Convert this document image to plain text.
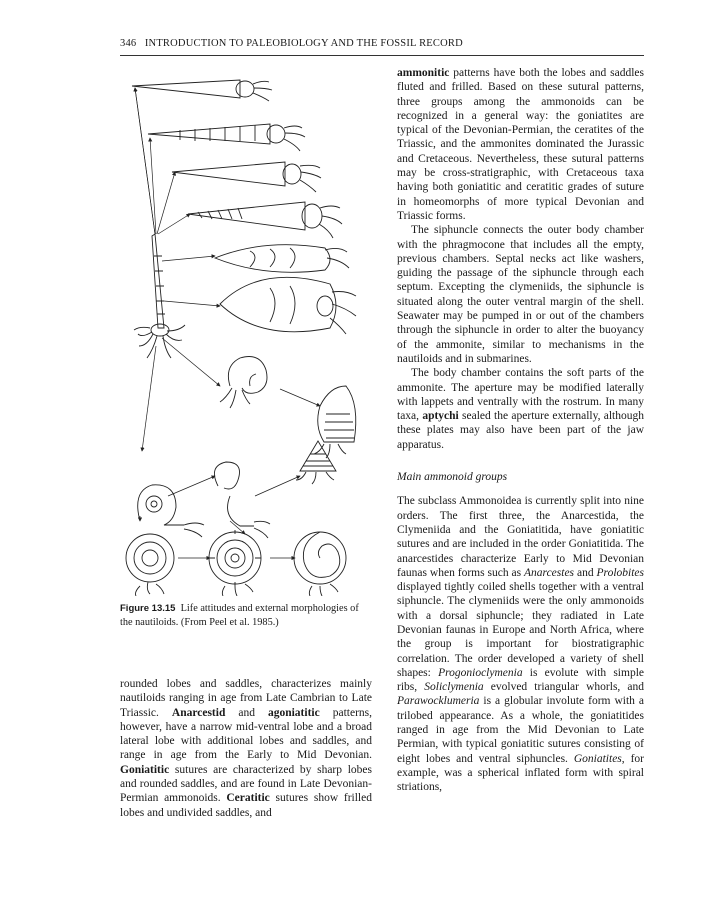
346 INTRODUCTION TO PALEOBIOLOGY AND THE FOSSIL RECORD
Figure 13.15 Life attitudes and external morphologies of the nautiloids. (From Peel et al. 1985.)

rounded lobes and saddles, characterizes mainly nautiloids ranging in age from Late Cambrian to Late Triassic. Anarcestid and agoniatitic patterns, however, have a narrow mid-ventral lobe and a broad lateral lobe with additional lobes and saddles, and range in age from the Early to Mid Devonian. Goniatitic sutures are characterized by sharp lobes and rounded saddles, and are found in Late Devonian-Permian ammonoids. Ceratitic sutures show frilled lobes and undivided saddles, and

ammonitic patterns have both the lobes and saddles fluted and frilled. Based on these sutural patterns, three groups among the ammonoids can be recognized in a general way: the goniatites are typical of the Devonian-Permian, the ceratites of the Triassic, and the ammonites dominated the Jurassic and Cretaceous. Nevertheless, these sutural patterns may be cross-stratigraphic, with Cretaceous taxa having both goniatitic and ceratitic grades of suture in homeomorphs of more typical Devonian and Triassic forms.

The siphuncle connects the outer body chamber with the phragmocone that includes all the empty, previous chambers. Septal necks act like washers, guiding the passage of the siphuncle through each septum. Excepting the clymeniids, the siphuncle is situated along the outer ventral margin of the shell. Seawater may be pumped in or out of the chambers through the siphuncle in order to alter the buoyancy of the ammonite, similar to mechanisms in the nautiloids and in submarines.

The body chamber contains the soft parts of the ammonite. The aperture may be modified laterally with lappets and ventrally with the rostrum. In many taxa, aptychi sealed the aperture externally, although these plates may also have been part of the jaw apparatus.

Main ammonoid groups

The subclass Ammonoidea is currently split into nine orders. The first three, the Anarcestida, the Clymeniida and the Goniatitida, have goniatitic sutures and are included in the order Goniatitida. The anarcestides characterize Early to Mid Devonian faunas when forms such as Anarcestes and Prolobites displayed tightly coiled shells together with a ventral siphuncle. The clymeniids were the only ammonoids with a dorsal siphuncle; they radiated in Late Devonian faunas in Europe and North Africa, where the group is important for biostratigraphic correlation. The order developed a variety of shell shapes: Progonioclymenia is evolute with simple ribs, Soliclymenia evolved triangular whorls, and Parawocklumeria is a globular involute form with a trilobed appearance. As a whole, the goniatitides ranged in age from the Mid Devonian to Late Permian, with typical goniatitic sutures consisting of eight lobes and ventral siphuncles. Goniatites, for example, was a spherical inflated form with spiral striations,
